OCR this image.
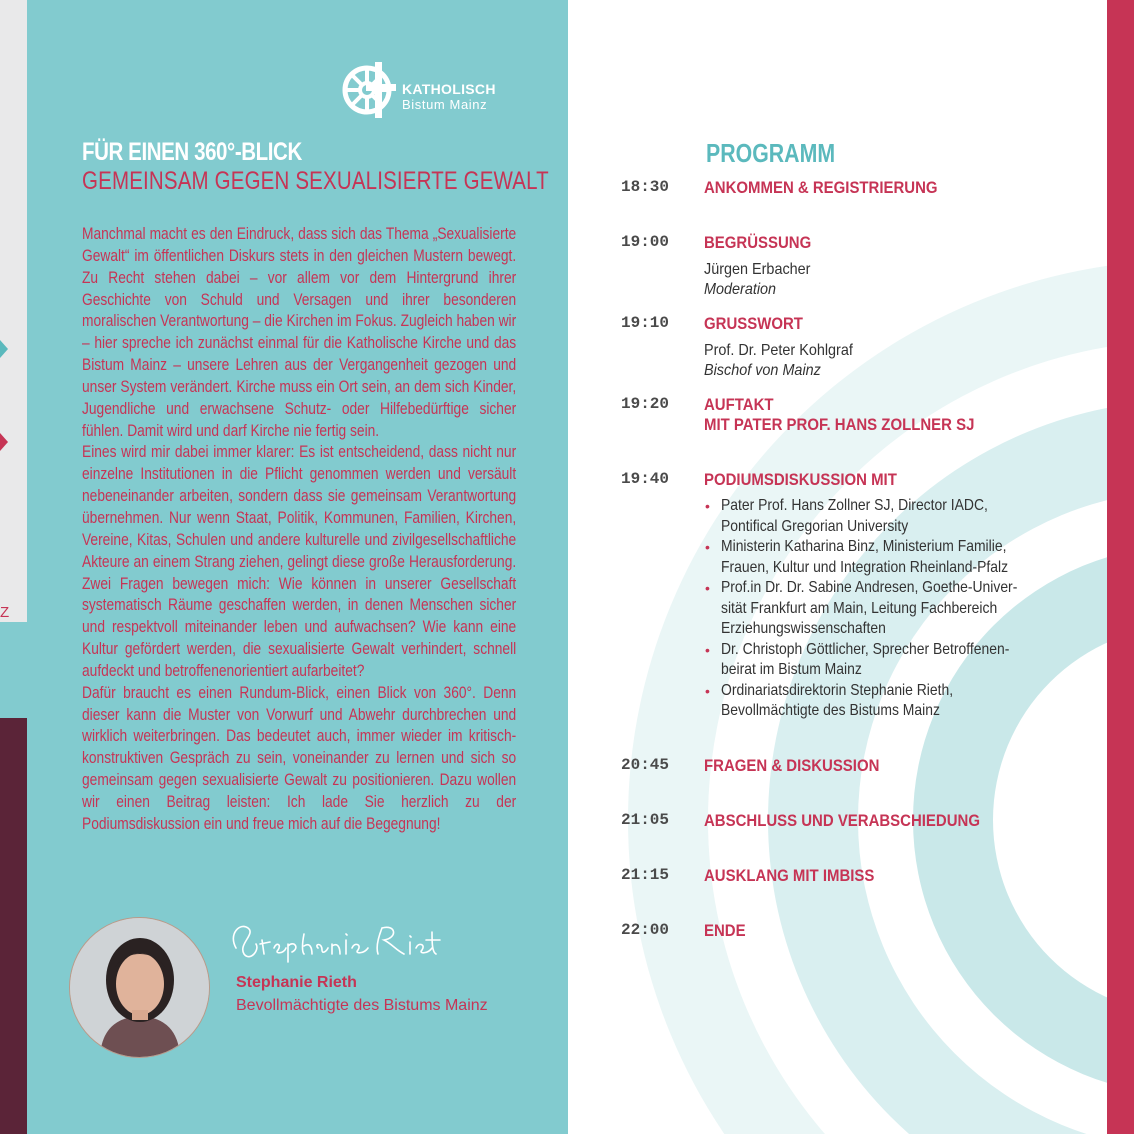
Z
KATHOLISCH
Bistum Mainz
FÜR EINEN 360°-BLICK
GEMEINSAM GEGEN SEXUALISIERTE GEWALT

Manchmal macht es den Eindruck, dass sich das Thema „Sexualisierte Gewalt“ im öffentlichen Diskurs stets in den gleichen Mustern bewegt. Zu Recht stehen dabei – vor allem vor dem Hintergrund ihrer Geschichte von Schuld und Versagen und ihrer besonderen moralischen Verantwortung – die Kirchen im Fokus. Zugleich haben wir – hier spreche ich zunächst einmal für die Katholische Kirche und das Bistum Mainz – unsere Lehren aus der Vergangenheit gezogen und unser System verändert. Kirche muss ein Ort sein, an dem sich Kinder, Jugendliche und erwachsene Schutz- oder Hilfebedürftige sicher fühlen. Damit wird und darf Kirche nie fertig sein.

Eines wird mir dabei immer klarer: Es ist entscheidend, dass nicht nur einzelne Institutionen in die Pflicht genommen werden und versäult nebeneinander arbeiten, sondern dass sie gemeinsam Verantwortung übernehmen. Nur wenn Staat, Politik, Kommunen, Familien, Kirchen, Vereine, Kitas, Schulen und andere kulturelle und zivilgesellschaftliche Akteure an einem Strang ziehen, gelingt diese große Herausforderung. Zwei Fragen bewegen mich: Wie können in unserer Gesellschaft systematisch Räume geschaffen werden, in denen Menschen sicher und respektvoll miteinander leben und aufwachsen? Wie kann eine Kultur gefördert werden, die sexualisierte Gewalt verhindert, schnell aufdeckt und betroffenenorientiert aufarbeitet?

Dafür braucht es einen Rundum-Blick, einen Blick von 360°. Denn dieser kann die Muster von Vorwurf und Abwehr durchbrechen und wirklich weiterbringen. Das bedeutet auch, immer wieder im kritisch-konstruktiven Gespräch zu sein, voneinander zu lernen und sich so gemeinsam gegen sexualisierte Gewalt zu positionieren. Dazu wollen wir einen Beitrag leisten: Ich lade Sie herzlich zu der Podiumsdiskussion ein und freue mich auf die Begegnung!

Stephanie Rieth
Bevollmächtigte des Bistums Mainz
PROGRAMM
18:30 ANKOMMEN & REGISTRIERUNG
19:00 BEGRÜSSUNG
Jürgen Erbacher
Moderation
19:10 GRUSSWORT
Prof. Dr. Peter Kohlgraf
Bischof von Mainz
19:20 AUFTAKT
MIT PATER PROF. HANS ZOLLNER SJ
19:40 PODIUMSDISKUSSION MIT
• Pater Prof. Hans Zollner SJ, Director IADC,
Pontifical Gregorian University
• Ministerin Katharina Binz, Ministerium Familie,
Frauen, Kultur und Integration Rheinland-Pfalz
• Prof.in Dr. Dr. Sabine Andresen, Goethe-Univer-
sität Frankfurt am Main, Leitung Fachbereich
Erziehungswissenschaften
• Dr. Christoph Göttlicher, Sprecher Betroffenen-
beirat im Bistum Mainz
• Ordinariatsdirektorin Stephanie Rieth,
Bevollmächtigte des Bistums Mainz
20:45 FRAGEN & DISKUSSION
21:05 ABSCHLUSS UND VERABSCHIEDUNG
21:15 AUSKLANG MIT IMBISS
22:00 ENDE
